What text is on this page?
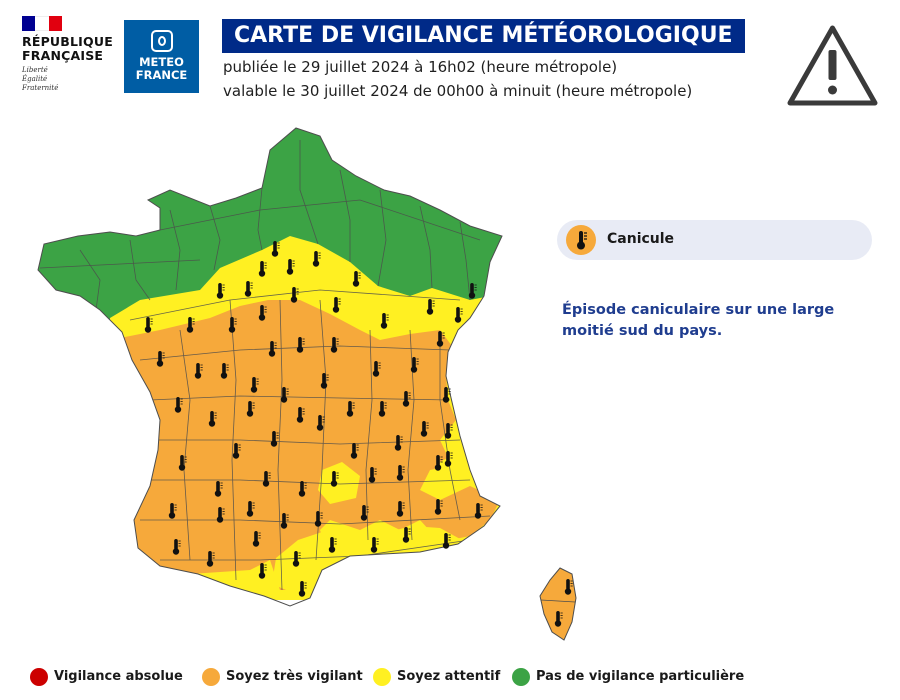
RÉPUBLIQUE FRANÇAISE
Liberté
Égalité
Fraternité
METEO
FRANCE
CARTE DE VIGILANCE MÉTÉOROLOGIQUE
publiée le 29 juillet 2024 à 16h02 (heure métropole)
valable le 30 juillet 2024 de 00h00 à minuit (heure métropole)
Canicule
Épisode caniculaire sur une large moitié sud du pays.
Vigilance absolue	Soyez très vigilant	Soyez attentif	Pas de vigilance particulière
